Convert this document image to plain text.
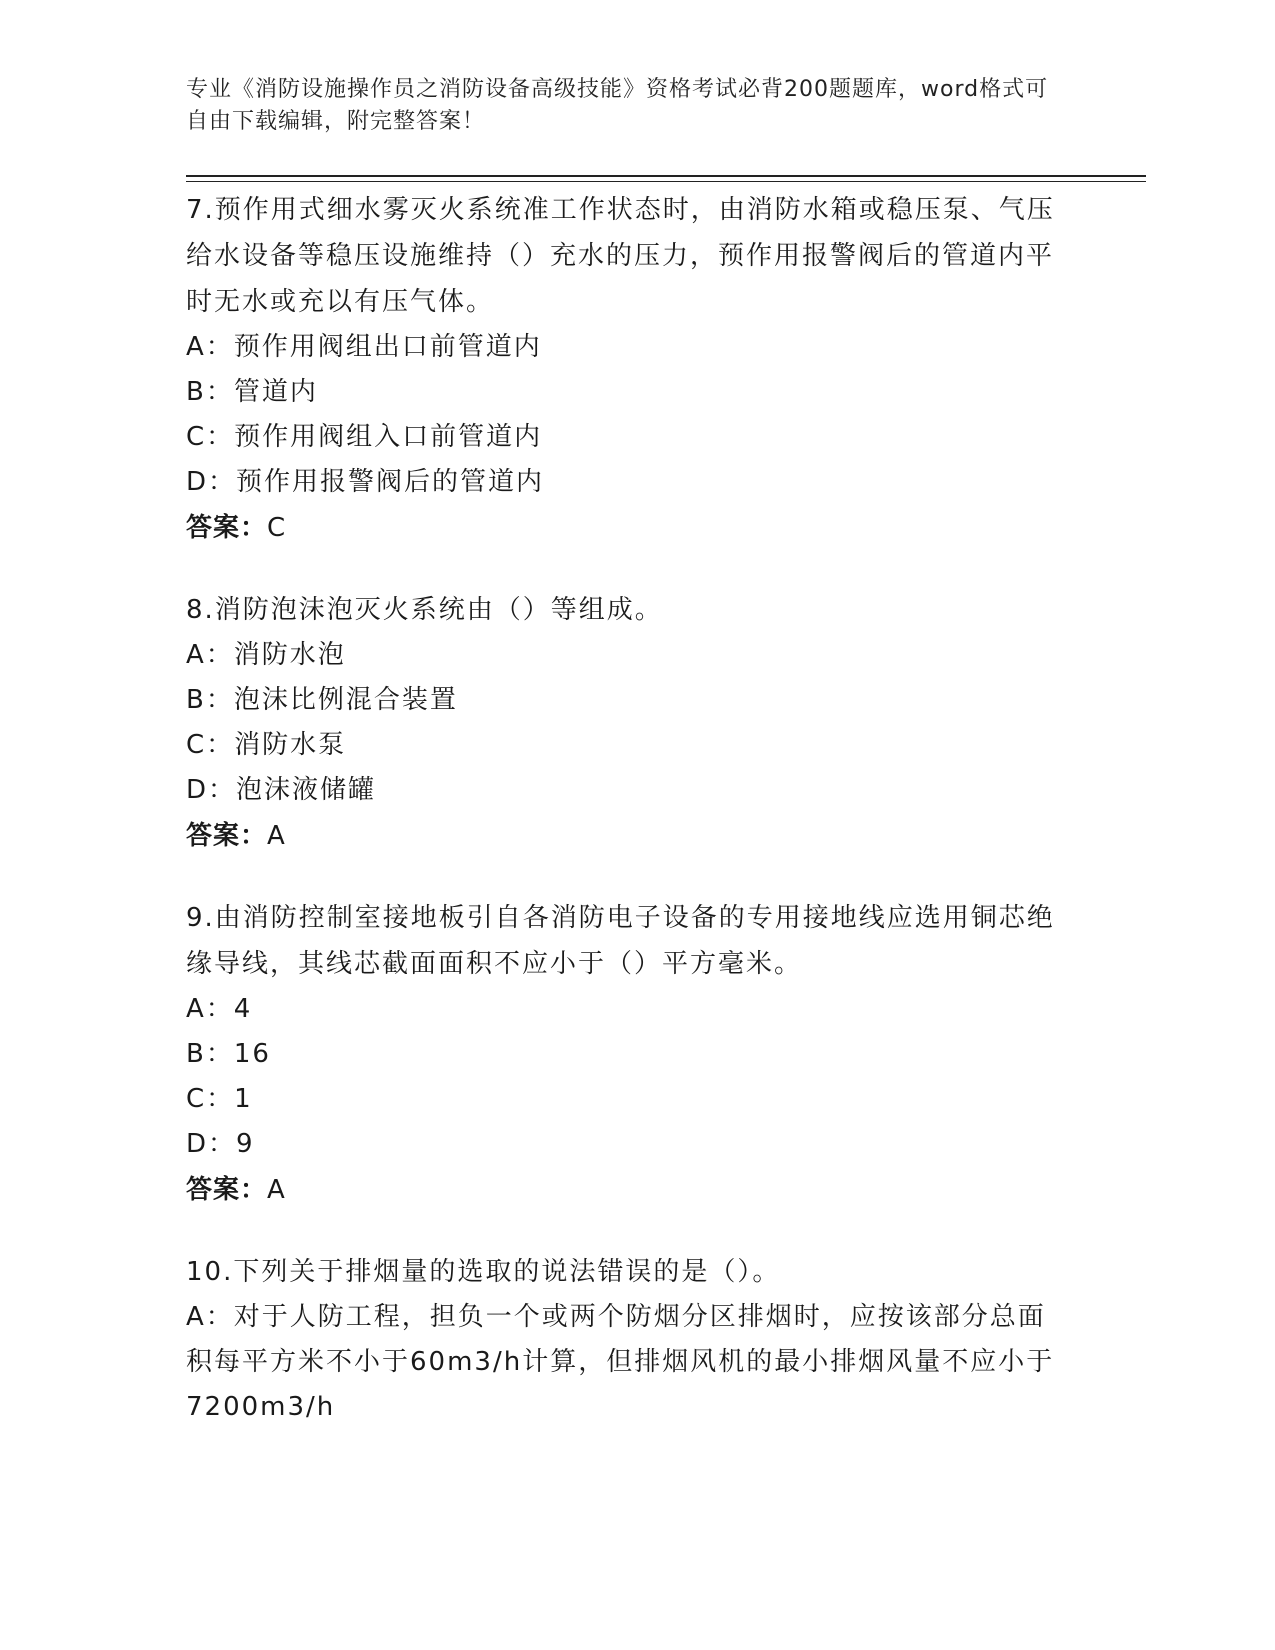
专业《消防设施操作员之消防设备高级技能》资格考试必背200题题库，word格式可自由下载编辑，附完整答案！

7.预作用式细水雾灭火系统准工作状态时，由消防水箱或稳压泵、气压给水设备等稳压设施维持（）充水的压力，预作用报警阀后的管道内平时无水或充以有压气体。

A：预作用阀组出口前管道内

B：管道内

C：预作用阀组入口前管道内

D：预作用报警阀后的管道内

答案：C

8.消防泡沫泡灭火系统由（）等组成。

A：消防水泡

B：泡沫比例混合装置

C：消防水泵

D：泡沫液储罐

答案：A

9.由消防控制室接地板引自各消防电子设备的专用接地线应选用铜芯绝缘导线，其线芯截面面积不应小于（）平方毫米。

A：4

B：16

C：1

D：9

答案：A

10.下列关于排烟量的选取的说法错误的是（）。

A：对于人防工程，担负一个或两个防烟分区排烟时，应按该部分总面积每平方米不小于60m3/h计算，但排烟风机的最小排烟风量不应小于7200m3/h
